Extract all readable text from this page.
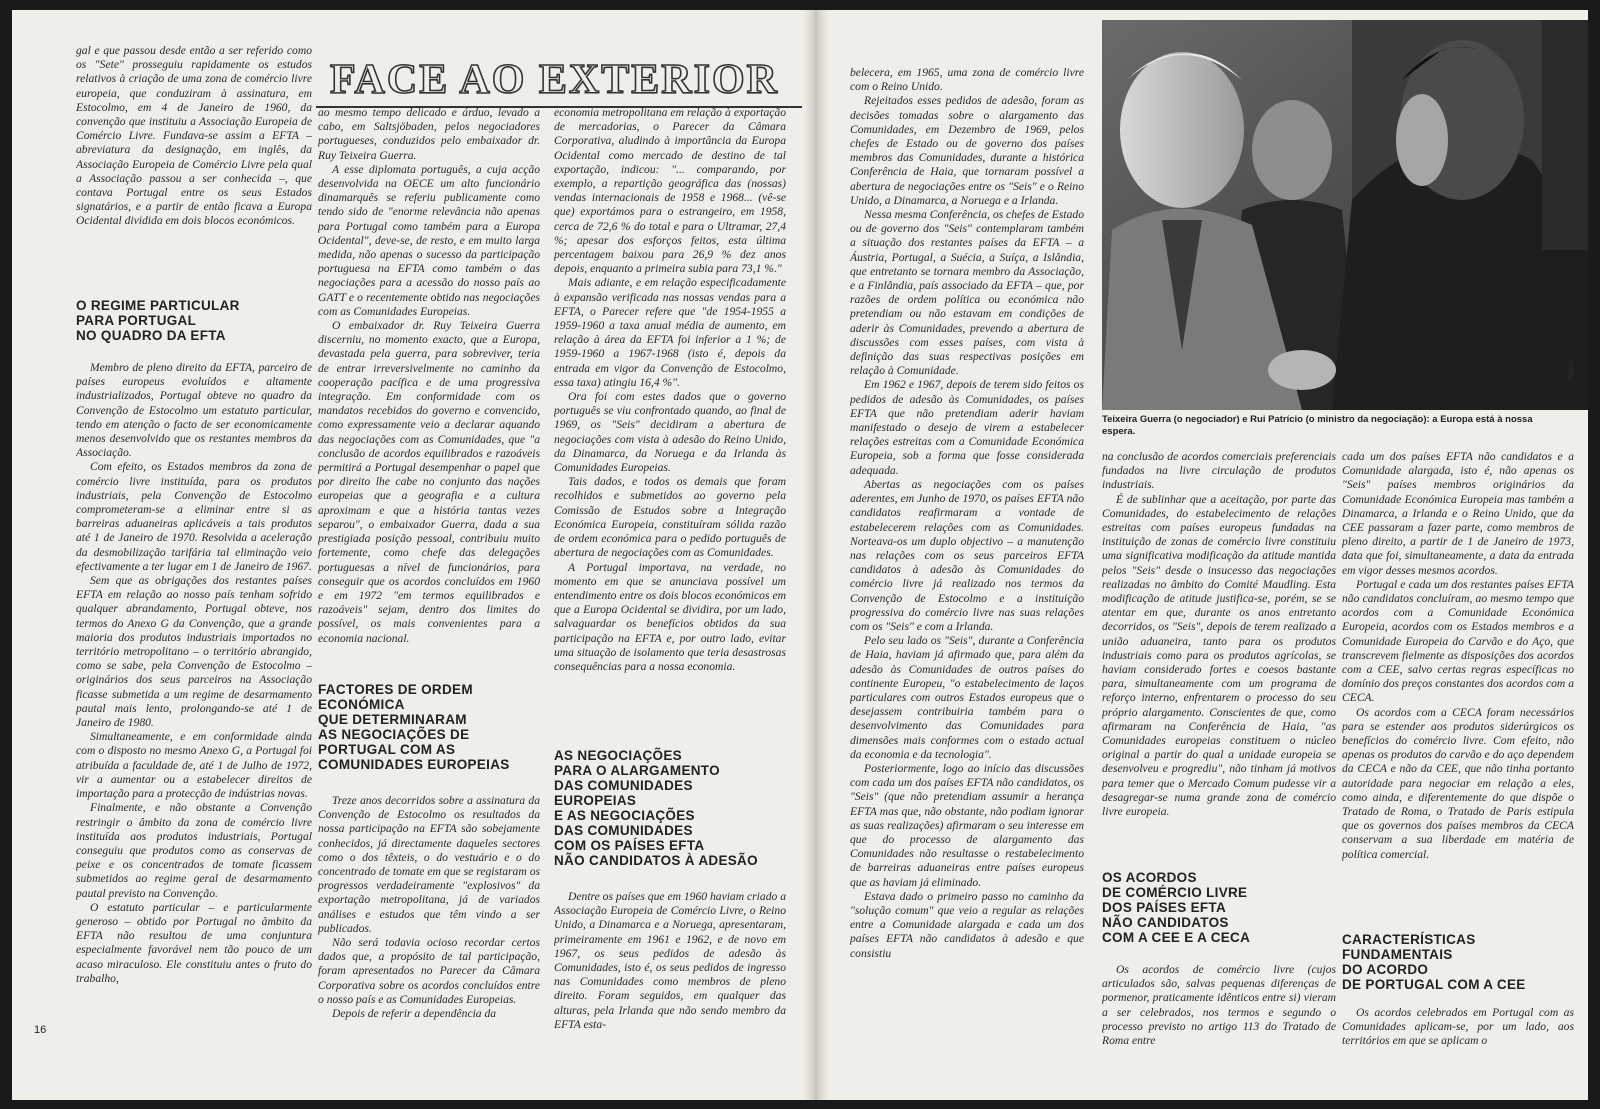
gal e que passou desde então a ser referido como os "Sete" prosseguiu rapidamente os estudos relativos à criação de uma zona de comércio livre europeia, que conduziram à assinatura, em Estocolmo, em 4 de Janeiro de 1960, da convenção que instituiu a Associação Europeia de Comércio Livre. Fundava-se assim a EFTA – abreviatura da designação, em inglês, da Associação Europeia de Comércio Livre pela qual a Associação passou a ser conhecida –, que contava Portugal entre os seus Estados signatários, e a partir de então ficava a Europa Ocidental dividida em dois blocos económicos.

O REGIME PARTICULAR
PARA PORTUGAL
NO QUADRO DA EFTA

Membro de pleno direito da EFTA, parceiro de países europeus evoluídos e altamente industrializados, Portugal obteve no quadro da Convenção de Estocolmo um estatuto particular, tendo em atenção o facto de ser economicamente menos desenvolvido que os restantes membros da Associação.

Com efeito, os Estados membros da zona de comércio livre instituída, para os produtos industriais, pela Convenção de Estocolmo comprometeram-se a eliminar entre si as barreiras aduaneiras aplicáveis a tais produtos até 1 de Janeiro de 1970. Resolvida a aceleração da desmobilização tarifária tal eliminação veio efectivamente a ter lugar em 1 de Janeiro de 1967.

Sem que as obrigações dos restantes países EFTA em relação ao nosso país tenham sofrido qualquer abrandamento, Portugal obteve, nos termos do Anexo G da Convenção, que a grande maioria dos produtos industriais importados no território metropolitano – o território abrangido, como se sabe, pela Convenção de Estocolmo – originários dos seus parceiros na Associação ficasse submetida a um regime de desarmamento pautal mais lento, prolongando-se até 1 de Janeiro de 1980.

Simultaneamente, e em conformidade ainda com o disposto no mesmo Anexo G, a Portugal foi atribuída a faculdade de, até 1 de Julho de 1972, vir a aumentar ou a estabelecer direitos de importação para a protecção de indústrias novas.

Finalmente, e não obstante a Convenção restringir o âmbito da zona de comércio livre instituída aos produtos industriais, Portugal conseguiu que produtos como as conservas de peixe e os concentrados de tomate ficassem submetidos ao regime geral de desarmamento pautal previsto na Convenção.

O estatuto particular – e particularmente generoso – obtido por Portugal no âmbito da EFTA não resultou de uma conjuntura especialmente favorável nem tão pouco de um acaso miraculoso. Ele constituiu antes o fruto do trabalho,

FACE AO EXTERIOR

ao mesmo tempo delicado e árduo, levado a cabo, em Saltsjöbaden, pelos negociadores portugueses, conduzidos pelo embaixador dr. Ruy Teixeira Guerra.

A esse diplomata português, a cuja acção desenvolvida na OECE um alto funcionário dinamarquês se referiu publicamente como tendo sido de "enorme relevância não apenas para Portugal como também para a Europa Ocidental", deve-se, de resto, e em muito larga medida, não apenas o sucesso da participação portuguesa na EFTA como também o das negociações para a acessão do nosso país ao GATT e o recentemente obtido nas negociações com as Comunidades Europeias.

O embaixador dr. Ruy Teixeira Guerra discerniu, no momento exacto, que a Europa, devastada pela guerra, para sobreviver, teria de entrar irreversivelmente no caminho da cooperação pacífica e de uma progressiva integração. Em conformidade com os mandatos recebidos do governo e convencido, como expressamente veio a declarar aquando das negociações com as Comunidades, que "a conclusão de acordos equilibrados e razoáveis permitirá a Portugal desempenhar o papel que por direito lhe cabe no conjunto das nações europeias que a geografia e a cultura aproximam e que a história tantas vezes separou", o embaixador Guerra, dada a sua prestigiada posição pessoal, contribuiu muito fortemente, como chefe das delegações portuguesas a nível de funcionários, para conseguir que os acordos concluídos em 1960 e em 1972 "em termos equilibrados e razoáveis" sejam, dentro dos limites do possível, os mais convenientes para a economia nacional.

FACTORES DE ORDEM
ECONÓMICA
QUE DETERMINARAM
AS NEGOCIAÇÕES DE
PORTUGAL COM AS
COMUNIDADES EUROPEIAS

Treze anos decorridos sobre a assinatura da Convenção de Estocolmo os resultados da nossa participação na EFTA são sobejamente conhecidos, já directamente daqueles sectores como o dos têxteis, o do vestuário e o do concentrado de tomate em que se registaram os progressos verdadeiramente "explosivos" da exportação metropolitana, já de variados análises e estudos que têm vindo a ser publicados.

Não será todavia ocioso recordar certos dados que, a propósito de tal participação, foram apresentados no Parecer da Câmara Corporativa sobre os acordos concluídos entre o nosso país e as Comunidades Europeias.

Depois de referir a dependência da

economia metropolitana em relação à exportação de mercadorias, o Parecer da Câmara Corporativa, aludindo à importância da Europa Ocidental como mercado de destino de tal exportação, indicou: "... comparando, por exemplo, a repartição geográfica das (nossas) vendas internacionais de 1958 e 1968... (vê-se que) exportámos para o estrangeiro, em 1958, cerca de 72,6 % do total e para o Ultramar, 27,4 %; apesar dos esforços feitos, esta última percentagem baixou para 26,9 % dez anos depois, enquanto a primeira subia para 73,1 %."

Mais adiante, e em relação especificadamente à expansão verificada nas nossas vendas para a EFTA, o Parecer refere que "de 1954-1955 a 1959-1960 a taxa anual média de aumento, em relação à área da EFTA foi inferior a 1 %; de 1959-1960 a 1967-1968 (isto é, depois da entrada em vigor da Convenção de Estocolmo, essa taxa) atingiu 16,4 %".

Ora foi com estes dados que o governo português se viu confrontado quando, ao final de 1969, os "Seis" decidiram a abertura de negociações com vista à adesão do Reino Unido, da Dinamarca, da Noruega e da Irlanda às Comunidades Europeias.

Tais dados, e todos os demais que foram recolhidos e submetidos ao governo pela Comissão de Estudos sobre a Integração Económica Europeia, constituíram sólida razão de ordem económica para o pedido português de abertura de negociações com as Comunidades.

A Portugal importava, na verdade, no momento em que se anunciava possível um entendimento entre os dois blocos económicos em que a Europa Ocidental se dividira, por um lado, salvaguardar os benefícios obtidos da sua participação na EFTA e, por outro lado, evitar uma situação de isolamento que teria desastrosas consequências para a nossa economia.

AS NEGOCIAÇÕES
PARA O ALARGAMENTO
DAS COMUNIDADES
EUROPEIAS
E AS NEGOCIAÇÕES
DAS COMUNIDADES
COM OS PAÍSES EFTA
NÃO CANDIDATOS À ADESÃO

Dentre os países que em 1960 haviam criado a Associação Europeia de Comércio Livre, o Reino Unido, a Dinamarca e a Noruega, apresentaram, primeiramente em 1961 e 1962, e de novo em 1967, os seus pedidos de adesão às Comunidades, isto é, os seus pedidos de ingresso nas Comunidades como membros de pleno direito. Foram seguidos, em qualquer das alturas, pela Irlanda que não sendo membro da EFTA esta-

belecera, em 1965, uma zona de comércio livre com o Reino Unido.

Rejeitados esses pedidos de adesão, foram as decisões tomadas sobre o alargamento das Comunidades, em Dezembro de 1969, pelos chefes de Estado ou de governo dos países membros das Comunidades, durante a histórica Conferência de Haia, que tornaram possível a abertura de negociações entre os "Seis" e o Reino Unido, a Dinamarca, a Noruega e a Irlanda.

Nessa mesma Conferência, os chefes de Estado ou de governo dos "Seis" contemplaram também a situação dos restantes países da EFTA – a Áustria, Portugal, a Suécia, a Suíça, a Islândia, que entretanto se tornara membro da Associação, e a Finlândia, país associado da EFTA – que, por razões de ordem política ou económica não pretendiam ou não estavam em condições de aderir às Comunidades, prevendo a abertura de discussões com esses países, com vista à definição das suas respectivas posições em relação à Comunidade.

Em 1962 e 1967, depois de terem sido feitos os pedidos de adesão às Comunidades, os países EFTA que não pretendiam aderir haviam manifestado o desejo de virem a estabelecer relações estreitas com a Comunidade Económica Europeia, sob a forma que fosse considerada adequada.

Abertas as negociações com os países aderentes, em Junho de 1970, os países EFTA não candidatos reafirmaram a vontade de estabelecerem relações com as Comunidades. Norteava-os um duplo objectivo – a manutenção nas relações com os seus parceiros EFTA candidatos à adesão às Comunidades do comércio livre já realizado nos termos da Convenção de Estocolmo e a instituição progressiva do comércio livre nas suas relações com os "Seis" e com a Irlanda.

Pelo seu lado os "Seis", durante a Conferência de Haia, haviam já afirmado que, para além da adesão às Comunidades de outros países do continente Europeu, "o estabelecimento de laços particulares com outros Estados europeus que o desejassem contribuiria também para o desenvolvimento das Comunidades para dimensões mais conformes com o estado actual da economia e da tecnologia".

Posteriormente, logo ao início das discussões com cada um dos países EFTA não candidatos, os "Seis" (que não pretendiam assumir a herança EFTA mas que, não obstante, não podiam ignorar as suas realizações) afirmaram o seu interesse em que do processo de alargamento das Comunidades não resultasse o restabelecimento de barreiras aduaneiras entre países europeus que as haviam já eliminado.

Estava dado o primeiro passo no caminho da "solução comum" que veio a regular as relações entre a Comunidade alargada e cada um dos países EFTA não candidatos à adesão e que consistiu

Vasco
Teixeira Guerra (o negociador) e Rui Patrício (o ministro da negociação): a Europa está à nossa espera.

na conclusão de acordos comerciais preferenciais fundados na livre circulação de produtos industriais.

É de sublinhar que a aceitação, por parte das Comunidades, do estabelecimento de relações estreitas com países europeus fundadas na instituição de zonas de comércio livre constituiu uma significativa modificação da atitude mantida pelos "Seis" desde o insucesso das negociações realizadas no âmbito do Comité Maudling. Esta modificação de atitude justifica-se, porém, se se atentar em que, durante os anos entretanto decorridos, os "Seis", depois de terem realizado a união aduaneira, tanto para os produtos industriais como para os produtos agrícolas, se haviam considerado fortes e coesos bastante para, simultaneamente com um programa de reforço interno, enfrentarem o processo do seu próprio alargamento. Conscientes de que, como afirmaram na Conferência de Haia, "as Comunidades europeias constituem o núcleo original a partir do qual a unidade europeia se desenvolveu e progrediu", não tinham já motivos para temer que o Mercado Comum pudesse vir a desagregar-se numa grande zona de comércio livre europeia.

OS ACORDOS
DE COMÉRCIO LIVRE
DOS PAÍSES EFTA
NÃO CANDIDATOS
COM A CEE E A CECA

Os acordos de comércio livre (cujos articulados são, salvas pequenas diferenças de pormenor, praticamente idênticos entre si) vieram a ser celebrados, nos termos e segundo o processo previsto no artigo 113 do Tratado de Roma entre

cada um dos países EFTA não candidatos e a Comunidade alargada, isto é, não apenas os "Seis" países membros originários da Comunidade Económica Europeia mas também a Dinamarca, a Irlanda e o Reino Unido, que da CEE passaram a fazer parte, como membros de pleno direito, a partir de 1 de Janeiro de 1973, data que foi, simultaneamente, a data da entrada em vigor desses mesmos acordos.

Portugal e cada um dos restantes países EFTA não candidatos concluíram, ao mesmo tempo que acordos com a Comunidade Económica Europeia, acordos com os Estados membros e a Comunidade Europeia do Carvão e do Aço, que transcrevem fielmente as disposições dos acordos com a CEE, salvo certas regras específicas no domínio dos preços constantes dos acordos com a CECA.

Os acordos com a CECA foram necessários para se estender aos produtos siderúrgicos os benefícios do comércio livre. Com efeito, não apenas os produtos do carvão e do aço dependem da CECA e não da CEE, que não tinha portanto autoridade para negociar em relação a eles, como ainda, e diferentemente do que dispõe o Tratado de Roma, o Tratado de Paris estipula que os governos dos países membros da CECA conservam a sua liberdade em matéria de política comercial.

CARACTERÍSTICAS
FUNDAMENTAIS
DO ACORDO
DE PORTUGAL COM A CEE

Os acordos celebrados em Portugal com as Comunidades aplicam-se, por um lado, aos territórios em que se aplicam o

16
